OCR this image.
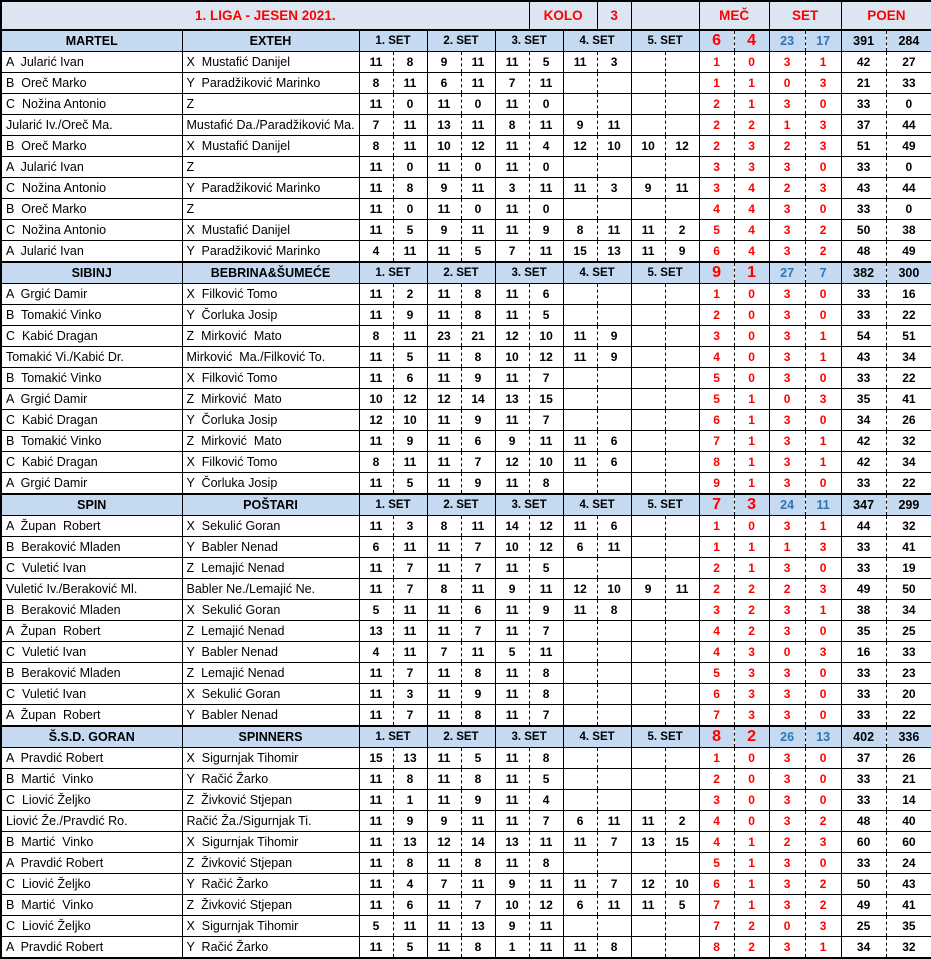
1. LIGA - JESEN 2021.							KOLO		3			MEČ		SET		POEN	
MARTEL	EXTEH	1. SET		2. SET		3. SET		4. SET		5. SET		6	4	23	17	391	284
A  Jularić Ivan	X  Mustafić Danijel	11	8	9	11	11	5	11	3			1	0	3	1	42	27
B  Oreč Marko	Y  Paradžiković Marinko	8	11	6	11	7	11					1	1	0	3	21	33
C  Nožina Antonio	Z	11	0	11	0	11	0					2	1	3	0	33	0
Jularić Iv./Oreč Ma.	Mustafić Da./Paradžiković Ma.	7	11	13	11	8	11	9	11			2	2	1	3	37	44
B  Oreč Marko	X  Mustafić Danijel	8	11	10	12	11	4	12	10	10	12	2	3	2	3	51	49
A  Jularić Ivan	Z	11	0	11	0	11	0					3	3	3	0	33	0
C  Nožina Antonio	Y  Paradžiković Marinko	11	8	9	11	3	11	11	3	9	11	3	4	2	3	43	44
B  Oreč Marko	Z	11	0	11	0	11	0					4	4	3	0	33	0
C  Nožina Antonio	X  Mustafić Danijel	11	5	9	11	11	9	8	11	11	2	5	4	3	2	50	38
A  Jularić Ivan	Y  Paradžiković Marinko	4	11	11	5	7	11	15	13	11	9	6	4	3	2	48	49
SIBINJ	BEBRINA&ŠUMEĆE	1. SET		2. SET		3. SET		4. SET		5. SET		9	1	27	7	382	300
A  Grgić Damir	X  Filković Tomo	11	2	11	8	11	6					1	0	3	0	33	16
B  Tomakić Vinko	Y  Čorluka Josip	11	9	11	8	11	5					2	0	3	0	33	22
C  Kabić Dragan	Z  Mirković  Mato	8	11	23	21	12	10	11	9			3	0	3	1	54	51
Tomakić Vi./Kabić Dr.	Mirković  Ma./Filković To.	11	5	11	8	10	12	11	9			4	0	3	1	43	34
B  Tomakić Vinko	X  Filković Tomo	11	6	11	9	11	7					5	0	3	0	33	22
A  Grgić Damir	Z  Mirković  Mato	10	12	12	14	13	15					5	1	0	3	35	41
C  Kabić Dragan	Y  Čorluka Josip	12	10	11	9	11	7					6	1	3	0	34	26
B  Tomakić Vinko	Z  Mirković  Mato	11	9	11	6	9	11	11	6			7	1	3	1	42	32
C  Kabić Dragan	X  Filković Tomo	8	11	11	7	12	10	11	6			8	1	3	1	42	34
A  Grgić Damir	Y  Čorluka Josip	11	5	11	9	11	8					9	1	3	0	33	22
SPIN	POŠTARI	1. SET		2. SET		3. SET		4. SET		5. SET		7	3	24	11	347	299
A  Župan  Robert	X  Sekulić Goran	11	3	8	11	14	12	11	6			1	0	3	1	44	32
B  Beraković Mladen	Y  Babler Nenad	6	11	11	7	10	12	6	11			1	1	1	3	33	41
C  Vuletić Ivan	Z  Lemajić Nenad	11	7	11	7	11	5					2	1	3	0	33	19
Vuletić Iv./Beraković Ml.	Babler Ne./Lemajić Ne.	11	7	8	11	9	11	12	10	9	11	2	2	2	3	49	50
B  Beraković Mladen	X  Sekulić Goran	5	11	11	6	11	9	11	8			3	2	3	1	38	34
A  Župan  Robert	Z  Lemajić Nenad	13	11	11	7	11	7					4	2	3	0	35	25
C  Vuletić Ivan	Y  Babler Nenad	4	11	7	11	5	11					4	3	0	3	16	33
B  Beraković Mladen	Z  Lemajić Nenad	11	7	11	8	11	8					5	3	3	0	33	23
C  Vuletić Ivan	X  Sekulić Goran	11	3	11	9	11	8					6	3	3	0	33	20
A  Župan  Robert	Y  Babler Nenad	11	7	11	8	11	7					7	3	3	0	33	22
Š.S.D. GORAN	SPINNERS	1. SET		2. SET		3. SET		4. SET		5. SET		8	2	26	13	402	336
A  Pravdić Robert	X  Sigurnjak Tihomir	15	13	11	5	11	8					1	0	3	0	37	26
B  Martić  Vinko	Y  Račić Žarko	11	8	11	8	11	5					2	0	3	0	33	21
C  Liović Željko	Z  Živković Stjepan	11	1	11	9	11	4					3	0	3	0	33	14
Liović Že./Pravdić Ro.	Račić Ža./Sigurnjak Ti.	11	9	9	11	11	7	6	11	11	2	4	0	3	2	48	40
B  Martić  Vinko	X  Sigurnjak Tihomir	11	13	12	14	13	11	11	7	13	15	4	1	2	3	60	60
A  Pravdić Robert	Z  Živković Stjepan	11	8	11	8	11	8					5	1	3	0	33	24
C  Liović Željko	Y  Račić Žarko	11	4	7	11	9	11	11	7	12	10	6	1	3	2	50	43
B  Martić  Vinko	Z  Živković Stjepan	11	6	11	7	10	12	6	11	11	5	7	1	3	2	49	41
C  Liović Željko	X  Sigurnjak Tihomir	5	11	11	13	9	11					7	2	0	3	25	35
A  Pravdić Robert	Y  Račić Žarko	11	5	11	8	1	11	11	8			8	2	3	1	34	32
